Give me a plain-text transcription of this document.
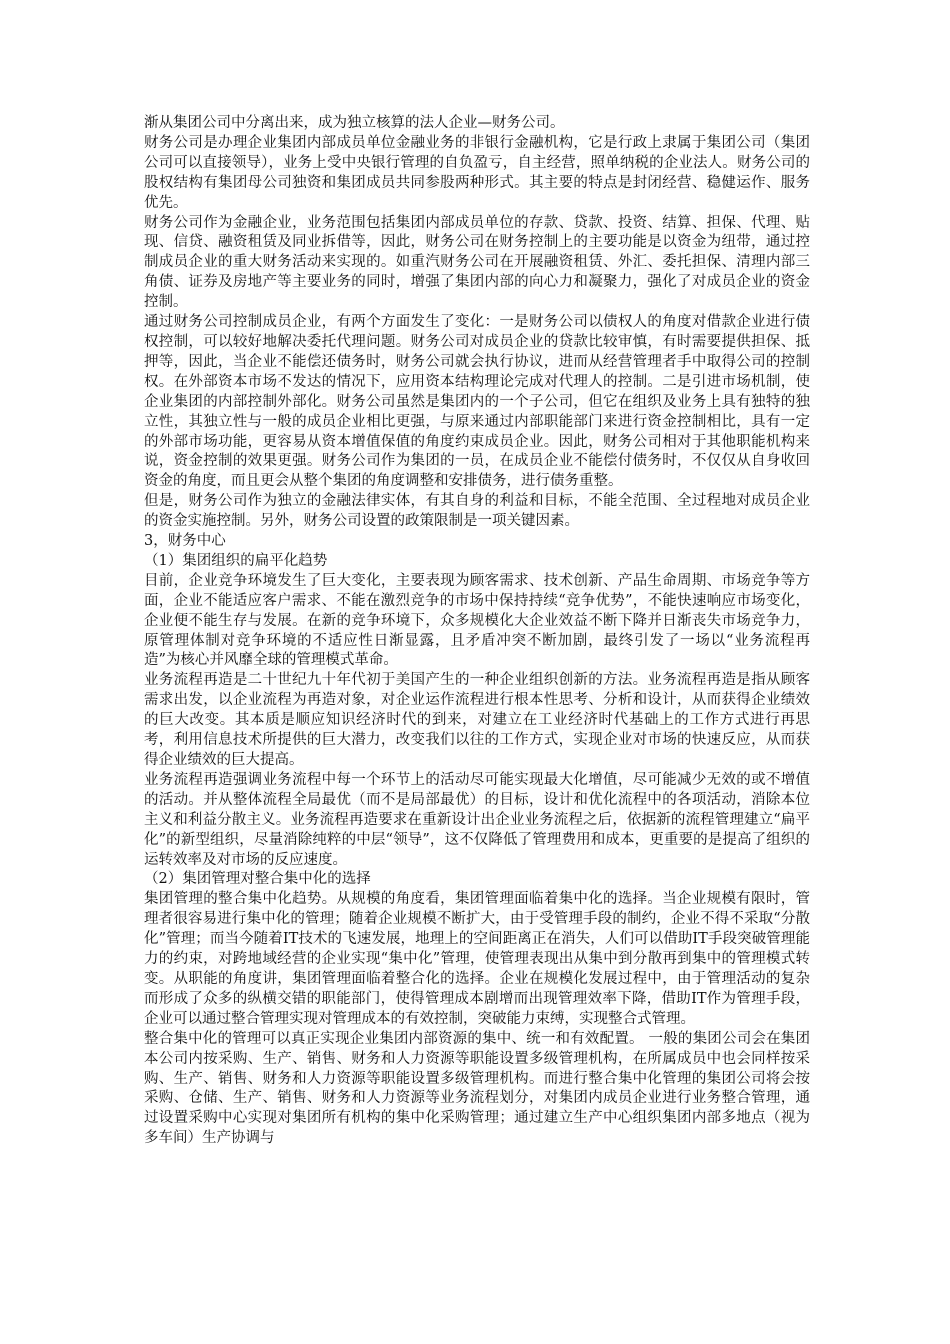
渐从集团公司中分离出来，成为独立核算的法人企业—财务公司。

财务公司是办理企业集团内部成员单位金融业务的非银行金融机构，它是行政上隶属于集团公司（集团公司可以直接领导），业务上受中央银行管理的自负盈亏，自主经营，照单纳税的企业法人。财务公司的股权结构有集团母公司独资和集团成员共同参股两种形式。其主要的特点是封闭经营、稳健运作、服务优先。

财务公司作为金融企业，业务范围包括集团内部成员单位的存款、贷款、投资、结算、担保、代理、贴现、信贷、融资租赁及同业拆借等，因此，财务公司在财务控制上的主要功能是以资金为纽带，通过控制成员企业的重大财务活动来实现的。如重汽财务公司在开展融资租赁、外汇、委托担保、清理内部三角债、证券及房地产等主要业务的同时，增强了集团内部的向心力和凝聚力，强化了对成员企业的资金控制。

通过财务公司控制成员企业，有两个方面发生了变化：一是财务公司以债权人的角度对借款企业进行债权控制，可以较好地解决委托代理问题。财务公司对成员企业的贷款比较审慎，有时需要提供担保、抵押等，因此，当企业不能偿还债务时，财务公司就会执行协议，进而从经营管理者手中取得公司的控制权。在外部资本市场不发达的情况下，应用资本结构理论完成对代理人的控制。二是引进市场机制，使企业集团的内部控制外部化。财务公司虽然是集团内的一个子公司，但它在组织及业务上具有独特的独立性，其独立性与一般的成员企业相比更强，与原来通过内部职能部门来进行资金控制相比，具有一定的外部市场功能，更容易从资本增值保值的角度约束成员企业。因此，财务公司相对于其他职能机构来说，资金控制的效果更强。财务公司作为集团的一员，在成员企业不能偿付债务时，不仅仅从自身收回资金的角度，而且更会从整个集团的角度调整和安排债务，进行债务重整。

但是，财务公司作为独立的金融法律实体，有其自身的利益和目标，不能全范围、全过程地对成员企业的资金实施控制。另外，财务公司设置的政策限制是一项关键因素。

3，财务中心

（1）集团组织的扁平化趋势

目前，企业竞争环境发生了巨大变化，主要表现为顾客需求、技术创新、产品生命周期、市场竞争等方面，企业不能适应客户需求、不能在激烈竞争的市场中保持持续“竞争优势”，不能快速响应市场变化，企业便不能生存与发展。在新的竞争环境下，众多规模化大企业效益不断下降并日渐丧失市场竞争力，原管理体制对竞争环境的不适应性日渐显露，且矛盾冲突不断加剧，最终引发了一场以“业务流程再造”为核心并风靡全球的管理模式革命。

业务流程再造是二十世纪九十年代初于美国产生的一种企业组织创新的方法。业务流程再造是指从顾客需求出发，以企业流程为再造对象，对企业运作流程进行根本性思考、分析和设计，从而获得企业绩效的巨大改变。其本质是顺应知识经济时代的到来，对建立在工业经济时代基础上的工作方式进行再思考，利用信息技术所提供的巨大潜力，改变我们以往的工作方式，实现企业对市场的快速反应，从而获得企业绩效的巨大提高。

业务流程再造强调业务流程中每一个环节上的活动尽可能实现最大化增值，尽可能减少无效的或不增值的活动。并从整体流程全局最优（而不是局部最优）的目标，设计和优化流程中的各项活动，消除本位主义和利益分散主义。业务流程再造要求在重新设计出企业业务流程之后，依据新的流程管理建立“扁平化”的新型组织，尽量消除纯粹的中层“领导”，这不仅降低了管理费用和成本，更重要的是提高了组织的运转效率及对市场的反应速度。

（2）集团管理对整合集中化的选择

集团管理的整合集中化趋势。从规模的角度看，集团管理面临着集中化的选择。当企业规模有限时，管理者很容易进行集中化的管理；随着企业规模不断扩大，由于受管理手段的制约，企业不得不采取“分散化”管理；而当今随着IT技术的飞速发展，地理上的空间距离正在消失，人们可以借助IT手段突破管理能力的约束，对跨地域经营的企业实现“集中化”管理，使管理表现出从集中到分散再到集中的管理模式转变。从职能的角度讲，集团管理面临着整合化的选择。企业在规模化发展过程中，由于管理活动的复杂而形成了众多的纵横交错的职能部门，使得管理成本剧增而出现管理效率下降，借助IT作为管理手段，企业可以通过整合管理实现对管理成本的有效控制，突破能力束缚，实现整合式管理。

整合集中化的管理可以真正实现企业集团内部资源的集中、统一和有效配置。 一般的集团公司会在集团本公司内按采购、生产、销售、财务和人力资源等职能设置多级管理机构，在所属成员中也会同样按采购、生产、销售、财务和人力资源等职能设置多级管理机构。而进行整合集中化管理的集团公司将会按采购、仓储、生产、销售、财务和人力资源等业务流程划分，对集团内成员企业进行业务整合管理，通过设置采购中心实现对集团所有机构的集中化采购管理；通过建立生产中心组织集团内部多地点（视为多车间）生产协调与
